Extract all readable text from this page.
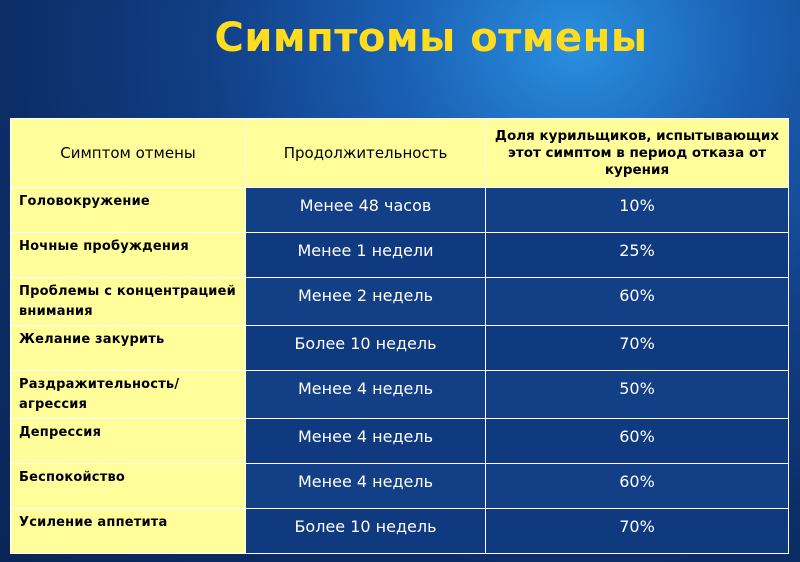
Симптомы отмены
Симптом отмены	Продолжительность	Доля курильщиков, испытывающих этот симптом в период отказа от курения
Головокружение	Менее 48 часов	10%
Ночные пробуждения	Менее 1 недели	25%
Проблемы с концентрацией внимания	Менее 2 недель	60%
Желание закурить	Более 10 недель	70%
Раздражительность/ агрессия	Менее 4 недель	50%
Депрессия	Менее 4 недель	60%
Беспокойство	Менее 4 недель	60%
Усиление аппетита	Более 10 недель	70%
